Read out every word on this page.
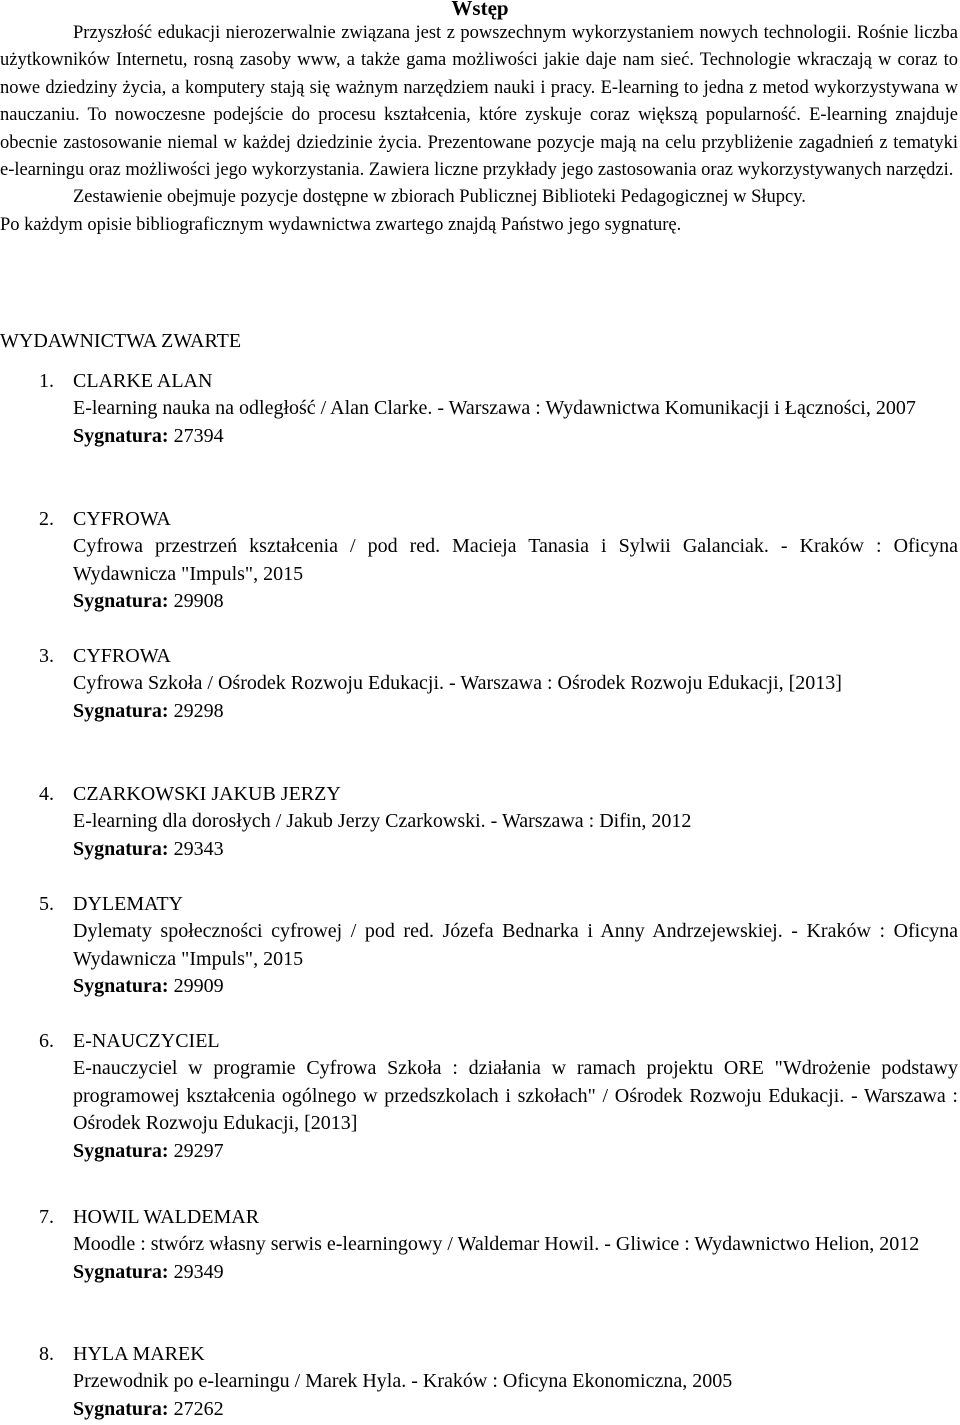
Wstęp

Przyszłość edukacji nierozerwalnie związana jest z powszechnym wykorzystaniem nowych technologii. Rośnie liczba użytkowników Internetu, rosną zasoby www, a także gama możliwości jakie daje nam sieć. Technologie wkraczają w coraz to nowe dziedziny życia, a komputery stają się ważnym narzędziem nauki i pracy. E-learning to jedna z metod wykorzystywana w nauczaniu. To nowoczesne podejście do procesu kształcenia, które zyskuje coraz większą popularność. E-learning znajduje obecnie zastosowanie niemal w każdej dziedzinie życia. Prezentowane pozycje mają na celu przybliżenie zagadnień z tematyki e-learningu oraz możliwości jego wykorzystania. Zawiera liczne przykłady jego zastosowania oraz wykorzystywanych narzędzi.

Zestawienie obejmuje pozycje dostępne w zbiorach Publicznej Biblioteki Pedagogicznej w Słupcy.

Po każdym opisie bibliograficznym wydawnictwa zwartego znajdą Państwo jego sygnaturę.

WYDAWNICTWA ZWARTE
1. CLARKE ALAN
E-learning nauka na odległość / Alan Clarke. - Warszawa : Wydawnictwa Komunikacji i Łączności, 2007
Sygnatura: 27394
2. CYFROWA
Cyfrowa przestrzeń kształcenia / pod red. Macieja Tanasia i Sylwii Galanciak. - Kraków : Oficyna Wydawnicza "Impuls", 2015
Sygnatura: 29908
3. CYFROWA
Cyfrowa Szkoła / Ośrodek Rozwoju Edukacji. - Warszawa : Ośrodek Rozwoju Edukacji, [2013]
Sygnatura: 29298
4. CZARKOWSKI JAKUB JERZY
E-learning dla dorosłych / Jakub Jerzy Czarkowski. - Warszawa : Difin, 2012
Sygnatura: 29343
5. DYLEMATY
Dylematy społeczności cyfrowej / pod red. Józefa Bednarka i Anny Andrzejewskiej. - Kraków : Oficyna Wydawnicza "Impuls", 2015
Sygnatura: 29909
6. E-NAUCZYCIEL
E-nauczyciel w programie Cyfrowa Szkoła : działania w ramach projektu ORE "Wdrożenie podstawy programowej kształcenia ogólnego w przedszkolach i szkołach" / Ośrodek Rozwoju Edukacji. - Warszawa : Ośrodek Rozwoju Edukacji, [2013]
Sygnatura: 29297
7. HOWIL WALDEMAR
Moodle : stwórz własny serwis e-learningowy / Waldemar Howil. - Gliwice : Wydawnictwo Helion, 2012
Sygnatura: 29349
8. HYLA MAREK
Przewodnik po e-learningu / Marek Hyla. - Kraków : Oficyna Ekonomiczna, 2005
Sygnatura: 27262
